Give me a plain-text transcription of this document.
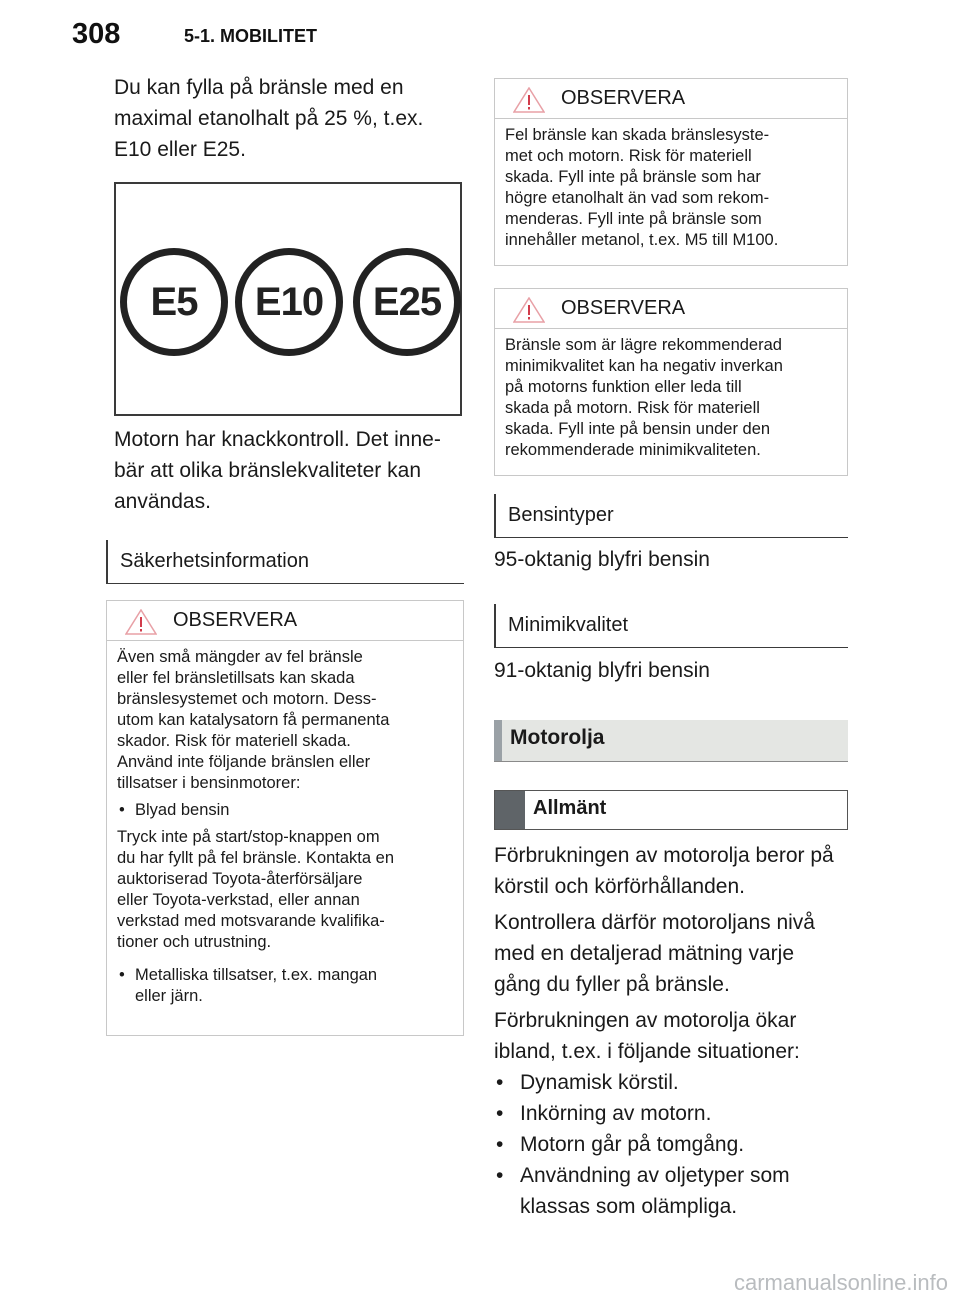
308	5-1. MOBILITET
Du kan fylla på bränsle med en
maximal etanolhalt på 25 %, t.ex.
E10 eller E25.
E5	E10	E25
Motorn har knackkontroll. Det inne-
bär att olika bränslekvaliteter kan
användas.
Säkerhetsinformation
OBSERVERA

Även små mängder av fel bränsle
eller fel bränsletillsats kan skada
bränslesystemet och motorn. Dess-
utom kan katalysatorn få permanenta
skador. Risk för materiell skada.
Använd inte följande bränslen eller
tillsatser i bensinmotorer:

• Blyad bensin

Tryck inte på start/stop-knappen om
du har fyllt på fel bränsle. Kontakta en
auktoriserad Toyota-återförsäljare
eller Toyota-verkstad, eller annan
verkstad med motsvarande kvalifika-
tioner och utrustning.

• Metalliska tillsatser, t.ex. mangan
eller järn.

OBSERVERA
Fel bränsle kan skada bränslesyste-
met och motorn. Risk för materiell
skada. Fyll inte på bränsle som har
högre etanolhalt än vad som rekom-
menderas. Fyll inte på bränsle som
innehåller metanol, t.ex. M5 till M100.
OBSERVERA
Bränsle som är lägre rekommenderad
minimikvalitet kan ha negativ inverkan
på motorns funktion eller leda till
skada på motorn. Risk för materiell
skada. Fyll inte på bensin under den
rekommenderade minimikvaliteten.
Bensintyper
95-oktanig blyfri bensin
Minimikvalitet
91-oktanig blyfri bensin
Motorolja
Allmänt
Förbrukningen av motorolja beror på
körstil och körförhållanden.
Kontrollera därför motoroljans nivå
med en detaljerad mätning varje
gång du fyller på bränsle.
Förbrukningen av motorolja ökar
ibland, t.ex. i följande situationer:
• Dynamisk körstil.
• Inkörning av motorn.
• Motorn går på tomgång.
• Användning av oljetyper som
klassas som olämpliga.
carmanualsonline.info
